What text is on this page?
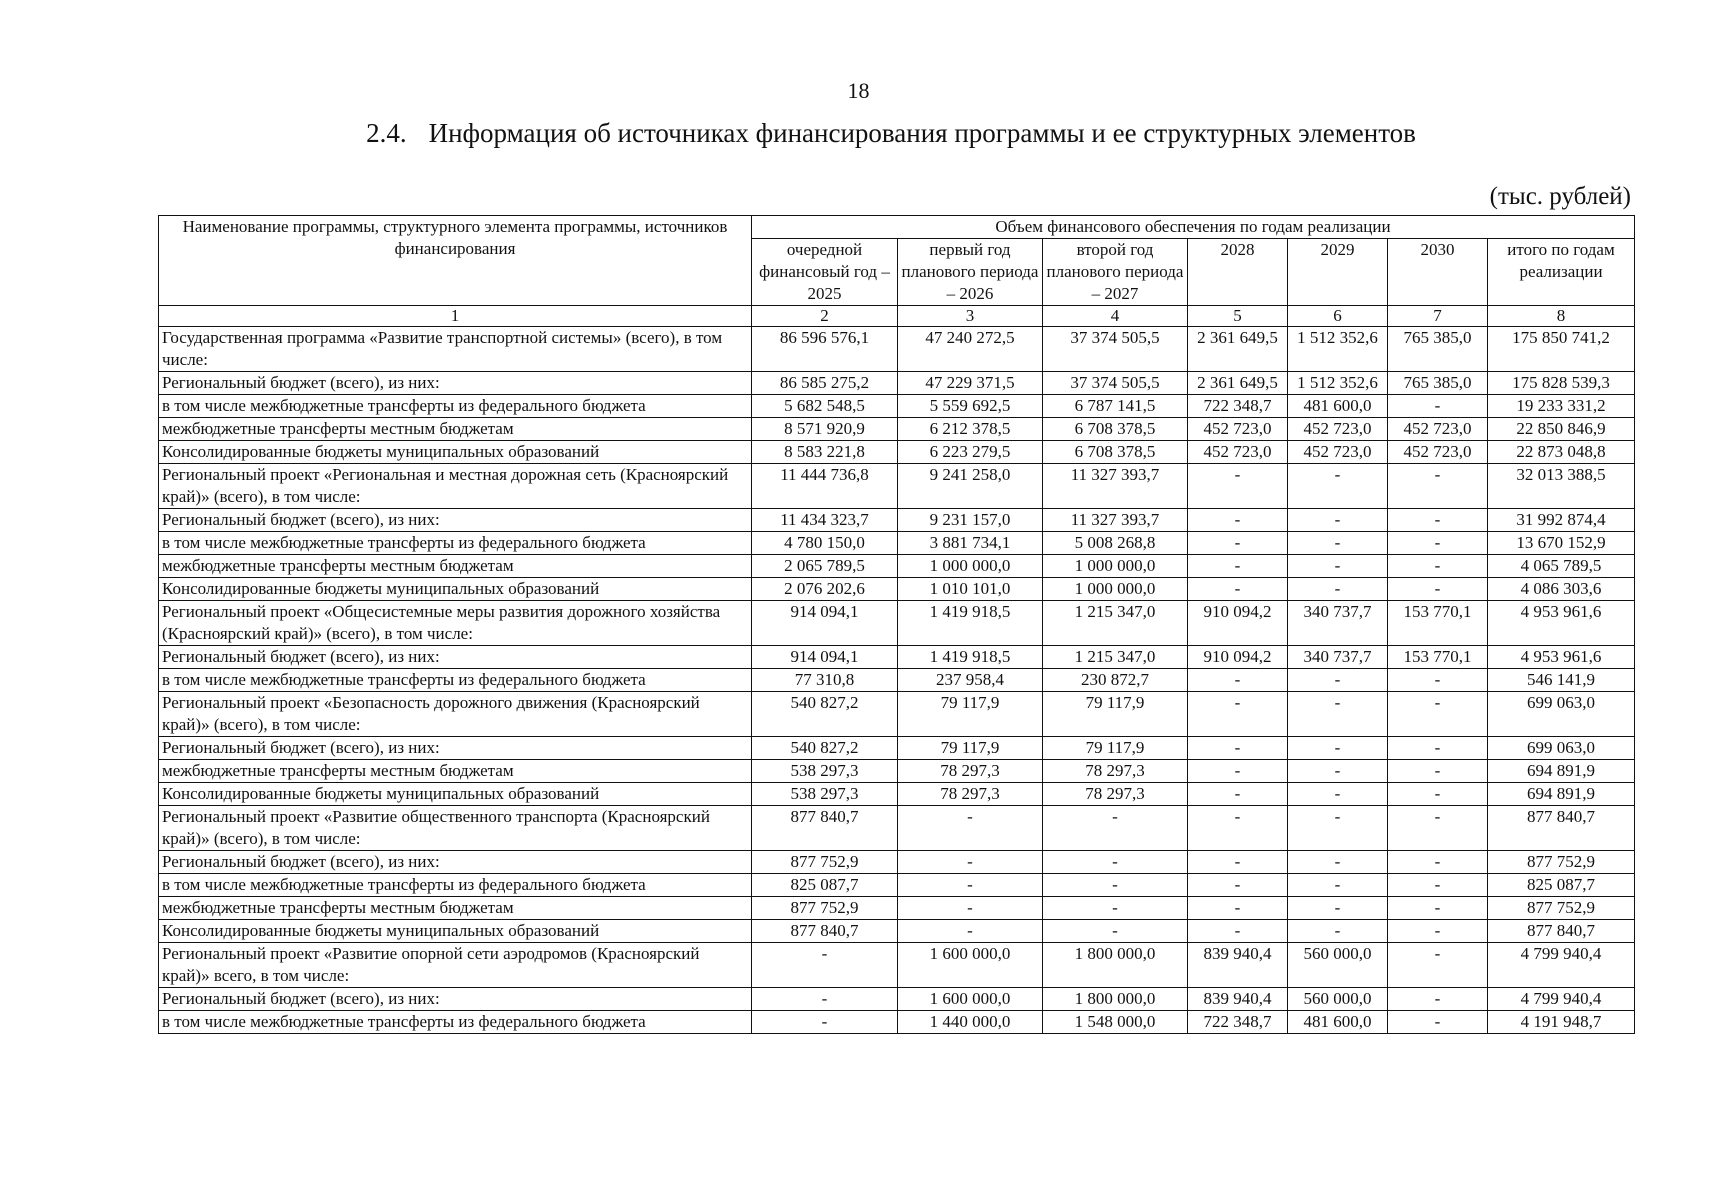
18
2.4. Информация об источниках финансирования программы и ее структурных элементов
(тыс. рублей)
Наименование программы, структурного элемента программы, источников финансирования	Объем финансового обеспечения по годам реализации						
	очередной финансовый год – 2025	первый год планового периода – 2026	второй год планового периода – 2027	2028	2029	2030	итого по годам реализации
1	2	3	4	5	6	7	8
Государственная программа «Развитие транспортной системы» (всего), в том числе:	86 596 576,1	47 240 272,5	37 374 505,5	2 361 649,5	1 512 352,6	765 385,0	175 850 741,2
Региональный бюджет (всего), из них:	86 585 275,2	47 229 371,5	37 374 505,5	2 361 649,5	1 512 352,6	765 385,0	175 828 539,3
в том числе межбюджетные трансферты из федерального бюджета	5 682 548,5	5 559 692,5	6 787 141,5	722 348,7	481 600,0	-	19 233 331,2
межбюджетные трансферты местным бюджетам	8 571 920,9	6 212 378,5	6 708 378,5	452 723,0	452 723,0	452 723,0	22 850 846,9
Консолидированные бюджеты муниципальных образований	8 583 221,8	6 223 279,5	6 708 378,5	452 723,0	452 723,0	452 723,0	22 873 048,8
Региональный проект «Региональная и местная дорожная сеть (Красноярский край)» (всего), в том числе:	11 444 736,8	9 241 258,0	11 327 393,7	-	-	-	32 013 388,5
Региональный бюджет (всего), из них:	11 434 323,7	9 231 157,0	11 327 393,7	-	-	-	31 992 874,4
в том числе межбюджетные трансферты из федерального бюджета	4 780 150,0	3 881 734,1	5 008 268,8	-	-	-	13 670 152,9
межбюджетные трансферты местным бюджетам	2 065 789,5	1 000 000,0	1 000 000,0	-	-	-	4 065 789,5
Консолидированные бюджеты муниципальных образований	2 076 202,6	1 010 101,0	1 000 000,0	-	-	-	4 086 303,6
Региональный проект «Общесистемные меры развития дорожного хозяйства (Красноярский край)» (всего), в том числе:	914 094,1	1 419 918,5	1 215 347,0	910 094,2	340 737,7	153 770,1	4 953 961,6
Региональный бюджет (всего), из них:	914 094,1	1 419 918,5	1 215 347,0	910 094,2	340 737,7	153 770,1	4 953 961,6
в том числе межбюджетные трансферты из федерального бюджета	77 310,8	237 958,4	230 872,7	-	-	-	546 141,9
Региональный проект «Безопасность дорожного движения (Красноярский край)» (всего), в том числе:	540 827,2	79 117,9	79 117,9	-	-	-	699 063,0
Региональный бюджет (всего), из них:	540 827,2	79 117,9	79 117,9	-	-	-	699 063,0
межбюджетные трансферты местным бюджетам	538 297,3	78 297,3	78 297,3	-	-	-	694 891,9
Консолидированные бюджеты муниципальных образований	538 297,3	78 297,3	78 297,3	-	-	-	694 891,9
Региональный проект «Развитие общественного транспорта (Красноярский край)» (всего), в том числе:	877 840,7	-	-	-	-	-	877 840,7
Региональный бюджет (всего), из них:	877 752,9	-	-	-	-	-	877 752,9
в том числе межбюджетные трансферты из федерального бюджета	825 087,7	-	-	-	-	-	825 087,7
межбюджетные трансферты местным бюджетам	877 752,9	-	-	-	-	-	877 752,9
Консолидированные бюджеты муниципальных образований	877 840,7	-	-	-	-	-	877 840,7
Региональный проект «Развитие опорной сети аэродромов (Красноярский край)» всего, в том числе:	-	1 600 000,0	1 800 000,0	839 940,4	560 000,0	-	4 799 940,4
Региональный бюджет (всего), из них:	-	1 600 000,0	1 800 000,0	839 940,4	560 000,0	-	4 799 940,4
в том числе межбюджетные трансферты из федерального бюджета	-	1 440 000,0	1 548 000,0	722 348,7	481 600,0	-	4 191 948,7
